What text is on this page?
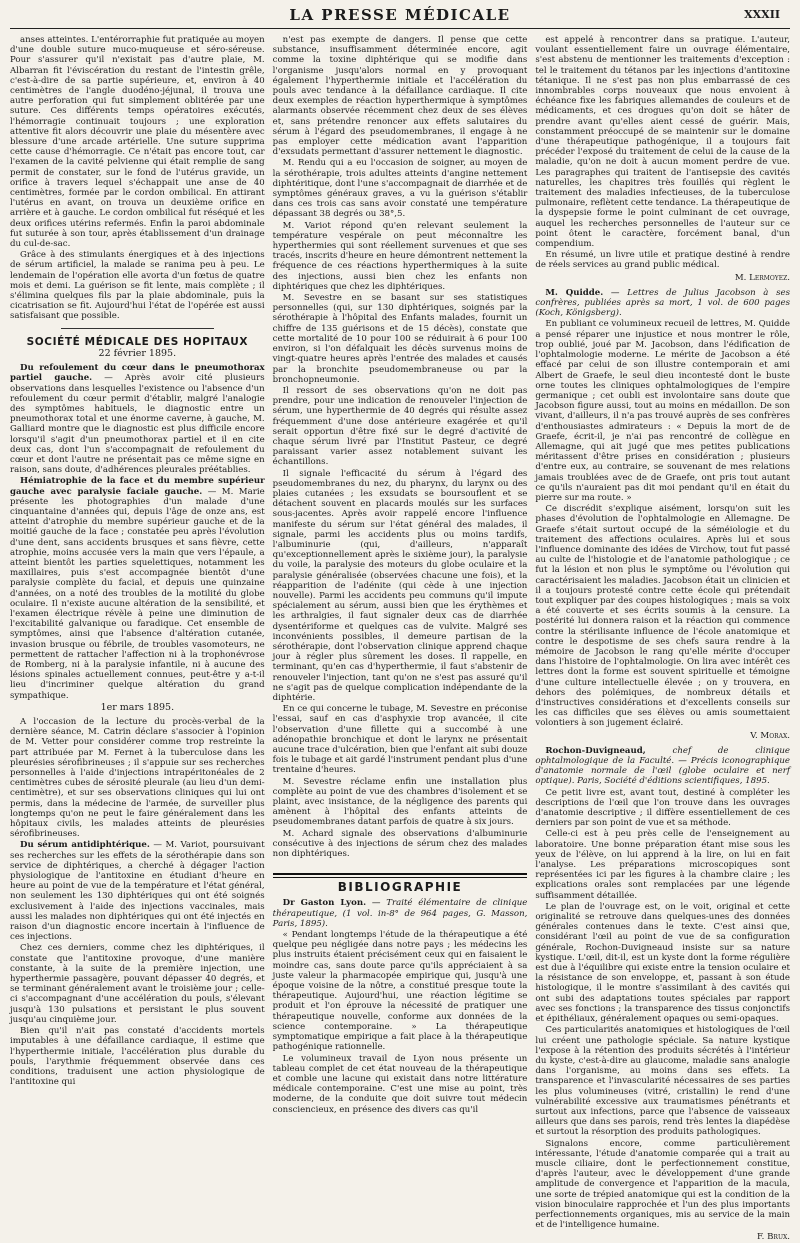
LA PRESSE MÉDICALE	XXXII

anses atteintes. L'entérorraphie fut pratiquée au moyen d'une double suture muco-muqueuse et séro-séreuse. Pour s'assurer qu'il n'existait pas d'autre plaie, M. Albarran fit l'éviscération du restant de l'intestin grêle, c'est-à-dire de sa partie supérieure, et, environ à 40 centimètres de l'angle duodéno-jéjunal, il trouva une autre perforation qui fut simplement oblitérée par une suture. Ces différents temps opératoires exécutés, l'hémorragie continuait toujours ; une exploration attentive fit alors découvrir une plaie du mésentère avec blessure d'une arcade artérielle. Une suture supprima cette cause d'hémorragie. Ce n'était pas encore tout, car l'examen de la cavité pelvienne qui était remplie de sang permit de constater, sur le fond de l'utérus gravide, un orifice à travers lequel s'échappait une anse de 40 centimètres, formée par le cordon ombilical. En attirant l'utérus en avant, on trouva un deuxième orifice en arrière et à gauche. Le cordon ombilical fut réséqué et les deux orifices utérins refermés. Enfin la paroi abdominale fut suturée à son tour, après établissement d'un drainage du cul-de-sac.

Grâce à des stimulants énergiques et à des injections de sérum artificiel, la malade se ranima peu à peu. Le lendemain de l'opération elle avorta d'un fœtus de quatre mois et demi. La guérison se fit lente, mais complète ; il s'élimina quelques fils par la plaie abdominale, puis la cicatrisation se fit. Aujourd'hui l'état de l'opérée est aussi satisfaisant que possible.

SOCIÉTÉ MÉDICALE DES HOPITAUX
22 février 1895.

Du refoulement du cœur dans le pneumothorax partiel gauche. — Après avoir cité plusieurs observations dans lesquelles l'existence ou l'absence d'un refoulement du cœur permit d'établir, malgré l'analogie des symptômes habituels, le diagnostic entre un pneumothorax total et une énorme caverne, à gauche, M. Galliard montre que le diagnostic est plus difficile encore lorsqu'il s'agit d'un pneumothorax partiel et il en cite deux cas, dont l'un s'accompagnait de refoulement du cœur et dont l'autre ne présentait pas ce même signe en raison, sans doute, d'adhérences pleurales préétablies.

Hémiatrophie de la face et du membre supérieur gauche avec paralysie faciale gauche. — M. Marie présente les photographies d'un malade d'une cinquantaine d'années qui, depuis l'âge de onze ans, est atteint d'atrophie du membre supérieur gauche et de la moitié gauche de la face ; constatée peu après l'évolution d'une dent, sans accidents brusques et sans fièvre, cette atrophie, moins accusée vers la main que vers l'épaule, a atteint bientôt les parties squelettiques, notamment les maxillaires, puis s'est accompagnée bientôt d'une paralysie complète du facial, et depuis une quinzaine d'années, on a noté des troubles de la motilité du globe oculaire. Il n'existe aucune altération de la sensibilité, et l'examen électrique révèle à peine une diminution de l'excitabilité galvanique ou faradique. Cet ensemble de symptômes, ainsi que l'absence d'altération cutanée, invasion brusque ou fébrile, de troubles vasomoteurs, ne permettent de rattacher l'affection ni à la trophonévrose de Romberg, ni à la paralysie infantile, ni à aucune des lésions spinales actuellement connues, peut-être y a-t-il lieu d'incriminer quelque altération du grand sympathique.

1er mars 1895.

A l'occasion de la lecture du procès-verbal de la dernière séance, M. Catrin déclare s'associer à l'opinion de M. Vetter pour considérer comme trop restreinte la part attribuée par M. Fernet à la tuberculose dans les pleurésies sérofibrineuses ; il s'appuie sur ses recherches personnelles à l'aide d'injections intrapéritonéales de 2 centimètres cubes de sérosité pleurale (au lieu d'un demi-centimètre), et sur ses observations cliniques qui lui ont permis, dans la médecine de l'armée, de surveiller plus longtemps qu'on ne peut le faire généralement dans les hôpitaux civils, les malades atteints de pleurésies sérofibrineuses.

Du sérum antidiphtérique. — M. Variot, poursuivant ses recherches sur les effets de la sérothérapie dans son service de diphtériques, a cherché à dégager l'action physiologique de l'antitoxine en étudiant d'heure en heure au point de vue de la température et l'état général, non seulement les 130 diphtériques qui ont été soignés exclusivement à l'aide des injections vaccinales, mais aussi les malades non diphtériques qui ont été injectés en raison d'un diagnostic encore incertain à l'influence de ces injections.

Chez ces derniers, comme chez les diphtériques, il constate que l'antitoxine provoque, d'une manière constante, à la suite de la première injection, une hyperthermie passagère, pouvant dépasser 40 degrés, et se terminant généralement avant le troisième jour ; celle-ci s'accompagnant d'une accélération du pouls, s'élevant jusqu'à 130 pulsations et persistant le plus souvent jusqu'au cinquième jour.

Bien qu'il n'ait pas constaté d'accidents mortels imputables à une défaillance cardiaque, il estime que l'hyperthermie initiale, l'accélération plus durable du pouls, l'arythmie fréquemment observée dans ces conditions, traduisent une action physiologique de l'antitoxine qui

n'est pas exempte de dangers. Il pense que cette substance, insuffisamment déterminée encore, agit comme la toxine diphtérique qui se modifie dans l'organisme jusqu'alors normal en y provoquant également l'hyperthermie initiale et l'accélération du pouls avec tendance à la défaillance cardiaque. Il cite deux exemples de réaction hyperthermique à symptômes alarmants observée récemment chez deux de ses élèves et, sans prétendre renoncer aux effets salutaires du sérum à l'égard des pseudomembranes, il engage à ne pas employer cette médication avant l'apparition d'exsudats permettant d'assurer nettement le diagnostic.

M. Rendu qui a eu l'occasion de soigner, au moyen de la sérothérapie, trois adultes atteints d'angine nettement diphtéritique, dont l'une s'accompagnait de diarrhée et de symptômes généraux graves, a vu la guérison s'établir dans ces trois cas sans avoir constaté une température dépassant 38 degrés ou 38°,5.

M. Variot répond qu'en relevant seulement la température vespérale on peut méconnaître les hyperthermies qui sont réellement survenues et que ses tracés, inscrits d'heure en heure démontrent nettement la fréquence de ces réactions hyperthermiques à la suite des injections, aussi bien chez les enfants non diphtériques que chez les diphtériques.

M. Sevestre en se basant sur ses statistiques personnelles (qui, sur 130 diphtériques, soignés par la sérothérapie à l'hôpital des Enfants malades, fournit un chiffre de 135 guérisons et de 15 décès), constate que cette mortalité de 10 pour 100 se réduirait à 6 pour 100 environ, si l'on défalquait les décès survenus moins de vingt-quatre heures après l'entrée des malades et causés par la bronchite pseudomembraneuse ou par la bronchopneumonie.

Il ressort de ses observations qu'on ne doit pas prendre, pour une indication de renouveler l'injection de sérum, une hyperthermie de 40 degrés qui résulte assez fréquemment d'une dose antérieure exagérée et qu'il serait opportun d'être fixé sur le degré d'activité de chaque sérum livré par l'Institut Pasteur, ce degré paraissant varier assez notablement suivant les échantillons.

Il signale l'efficacité du sérum à l'égard des pseudomembranes du nez, du pharynx, du larynx ou des plaies cutanées ; les exsudats se boursouflent et se détachent souvent en placards moulés sur les surfaces sous-jacentes. Après avoir rappelé encore l'influence manifeste du sérum sur l'état général des malades, il signale, parmi les accidents plus ou moins tardifs, l'albuminurie (qui, d'ailleurs, n'apparaît qu'exceptionnellement après le sixième jour), la paralysie du voile, la paralysie des moteurs du globe oculaire et la paralysie généralisée (observées chacune une fois), et la réapparition de l'adénite (qui cède à une injection nouvelle). Parmi les accidents peu communs qu'il impute spécialement au sérum, aussi bien que les érythèmes et les arthralgies, il faut signaler deux cas de diarrhée dysentériforme et quelques cas de vulvite. Malgré ses inconvénients possibles, il demeure partisan de la sérothérapie, dont l'observation clinique apprend chaque jour à régler plus sûrement les doses. Il rappelle, en terminant, qu'en cas d'hyperthermie, il faut s'abstenir de renouveler l'injection, tant qu'on ne s'est pas assuré qu'il ne s'agit pas de quelque complication indépendante de la diphtérie.

En ce qui concerne le tubage, M. Sevestre en préconise l'essai, sauf en cas d'asphyxie trop avancée, il cite l'observation d'une fillette qui a succombé à une adénopathie bronchique et dont le larynx ne présentait aucune trace d'ulcération, bien que l'enfant ait subi douze fois le tubage et ait gardé l'instrument pendant plus d'une trentaine d'heures.

M. Sevestre réclame enfin une installation plus complète au point de vue des chambres d'isolement et se plaint, avec insistance, de la négligence des parents qui amènent à l'hôpital des enfants atteints de pseudomembranes datant parfois de quatre à six jours.

M. Achard signale des observations d'albuminurie consécutive à des injections de sérum chez des malades non diphtériques.

BIBLIOGRAPHIE

Dr Gaston Lyon. — Traité élémentaire de clinique thérapeutique, (1 vol. in-8° de 964 pages, G. Masson, Paris, 1895).

« Pendant longtemps l'étude de la thérapeutique a été quelque peu négligée dans notre pays ; les médecins les plus instruits étaient précisément ceux qui en faisaient le moindre cas, sans doute parce qu'ils appréciaient à sa juste valeur la pharmacopée empirique qui, jusqu'à une époque voisine de la nôtre, a constitué presque toute la thérapeutique. Aujourd'hui, une réaction légitime se produit et l'on éprouve la nécessité de pratiquer une thérapeutique nouvelle, conforme aux données de la science contemporaine. » La thérapeutique symptomatique empirique a fait place à la thérapeutique pathogénique rationnelle.

Le volumineux travail de Lyon nous présente un tableau complet de cet état nouveau de la thérapeutique et comble une lacune qui existait dans notre littérature médicale contemporaine. C'est une mise au point, très moderne, de la conduite que doit suivre tout médecin consciencieux, en présence des divers cas qu'il

est appelé à rencontrer dans sa pratique. L'auteur, voulant essentiellement faire un ouvrage élémentaire, s'est abstenu de mentionner les traitements d'exception : tel le traitement du tétanos par les injections d'antitoxine tétanique. Il ne s'est pas non plus embarrassé de ces innombrables corps nouveaux que nous envoient à échéance fixe les fabriques allemandes de couleurs et de médicaments, et ces drogues qu'on doit se hâter de prendre avant qu'elles aient cessé de guérir. Mais, constamment préoccupé de se maintenir sur le domaine d'une thérapeutique pathogénique, il a toujours fait précéder l'exposé du traitement de celui de la cause de la maladie, qu'on ne doit à aucun moment perdre de vue. Les paragraphes qui traitent de l'antisepsie des cavités naturelles, les chapitres très fouillés qui règlent le traitement des maladies infectieuses, de la tuberculose pulmonaire, reflètent cette tendance. La thérapeutique de la dyspepsie forme le point culminant de cet ouvrage, auquel les recherches personnelles de l'auteur sur ce point ôtent le caractère, forcément banal, d'un compendium.

En résumé, un livre utile et pratique destiné à rendre de réels services au grand public médical.

M. Lermoyez.

M. Quidde. — Lettres de Julius Jacobson à ses confrères, publiées après sa mort, 1 vol. de 600 pages (Koch, Königsberg).

En publiant ce volumineux recueil de lettres, M. Quidde a pensé réparer une injustice et nous montrer le rôle, trop oublié, joué par M. Jacobson, dans l'édification de l'ophtalmologie moderne. Le mérite de Jacobson a été effacé par celui de son illustre contemporain et ami Albert de Graefe, le seul dieu incontesté dont le buste orne toutes les cliniques ophtalmologiques de l'empire germanique ; cet oubli est involontaire sans doute que Jacobson figure aussi, tout au moins en médaillon. De son vivant, d'ailleurs, il n'a pas trouvé auprès de ses confrères d'enthousiastes admirateurs : « Depuis la mort de de Graefe, écrit-il, je n'ai pas rencontré de collègue en Allemagne, qui ait jugé que mes petites publications méritassent d'être prises en considération ; plusieurs d'entre eux, au contraire, se souvenant de mes relations jamais troublées avec de de Graefe, ont pris tout autant ce qu'ils n'auraient pas dit moi pendant qu'il en était du pierre sur ma route. »

Ce discrédit s'explique aisément, lorsqu'on suit les phases d'évolution de l'ophtalmologie en Allemagne. De Graefe s'était surtout occupé de la séméiologie et du traitement des affections oculaires. Après lui et sous l'influence dominante des idées de Virchow, tout fut passé au culte de l'histologie et de l'anatomie pathologique ; ce fut la lésion et non plus le symptôme ou l'évolution qui caractérisaient les maladies. Jacobson était un clinicien et il a toujours protesté contre cette école qui prétendait tout expliquer par des coupes histologiques ; mais sa voix a été couverte et ses écrits soumis à la censure. La postérité lui donnera raison et la réaction qui commence contre la stérilisante influence de l'école anatomique et contre le despotisme de ses chefs saura rendre à la mémoire de Jacobson le rang qu'elle mérite d'occuper dans l'histoire de l'ophtalmologie. On lira avec intérêt ces lettres dont la forme est souvent spirituelle et témoigne d'une culture intellectuelle élevée ; on y trouvera, en dehors des polémiques, de nombreux détails et d'instructives considérations et d'excellents conseils sur les cas difficiles que ses élèves ou amis soumettaient volontiers à son jugement éclairé.

V. Morax.

Rochon-Duvigneaud,	chef de clinique ophtalmologique de la Faculté. — Précis iconographique d'anatomie normale de l'œil (globe oculaire et nerf optique). Paris, Société d'éditions scientifiques, 1895.

Ce petit livre est, avant tout, destiné à compléter les descriptions de l'œil que l'on trouve dans les ouvrages d'anatomie descriptive ; il diffère essentiellement de ces derniers par son point de vue et sa méthode.

Celle-ci est à peu près celle de l'enseignement au laboratoire. Une bonne préparation étant mise sous les yeux de l'élève, on lui apprend à la lire, on lui en fait l'analyse. Les préparations microscopiques sont représentées ici par les figures à la chambre claire ; les explications orales sont remplacées par une légende suffisamment détaillée.

Le plan de l'ouvrage est, on le voit, original et cette originalité se retrouve dans quelques-unes des données générales contenues dans le texte. C'est ainsi que, considérant l'œil au point de vue de sa configuration générale, Rochon-Duvigneaud insiste sur sa nature kystique. L'œil, dit-il, est un kyste dont la forme régulière est due à l'équilibre qui existe entre la tension oculaire et la résistance de son enveloppe, et, passant à son étude histologique, il le montre s'assimilant à des cavités qui ont subi des adaptations toutes spéciales par rapport avec ses fonctions ; la transparence des tissus conjonctifs et épithéliaux, généralement opaques ou semi-opaques.

Ces particularités anatomiques et histologiques de l'œil lui créent une pathologie spéciale. Sa nature kystique l'expose à la rétention des produits sécrétés à l'intérieur du kyste, c'est-à-dire au glaucome, maladie sans analogie dans l'organisme, au moins dans ses effets. La transparence et l'invascularité nécessaires de ses parties les plus volumineuses (vitré, cristallin) le rend d'une vulnérabilité excessive aux traumatismes pénétrants et surtout aux infections, parce que l'absence de vaisseaux ailleurs que dans ses parois, rend très lentes la diapédèse et surtout la résorption des produits pathologiques.

Signalons encore, comme particulièrement intéressante, l'étude d'anatomie comparée qui a trait au muscle ciliaire, dont le perfectionnement constitue, d'après l'auteur, avec le développement d'une grande amplitude de convergence et l'apparition de la macula, une sorte de trépied anatomique qui est la condition de la vision binoculaire rapprochée et l'un des plus importants perfectionnements organiques, mis au service de la main et de l'intelligence humaine.

F. Brux.
